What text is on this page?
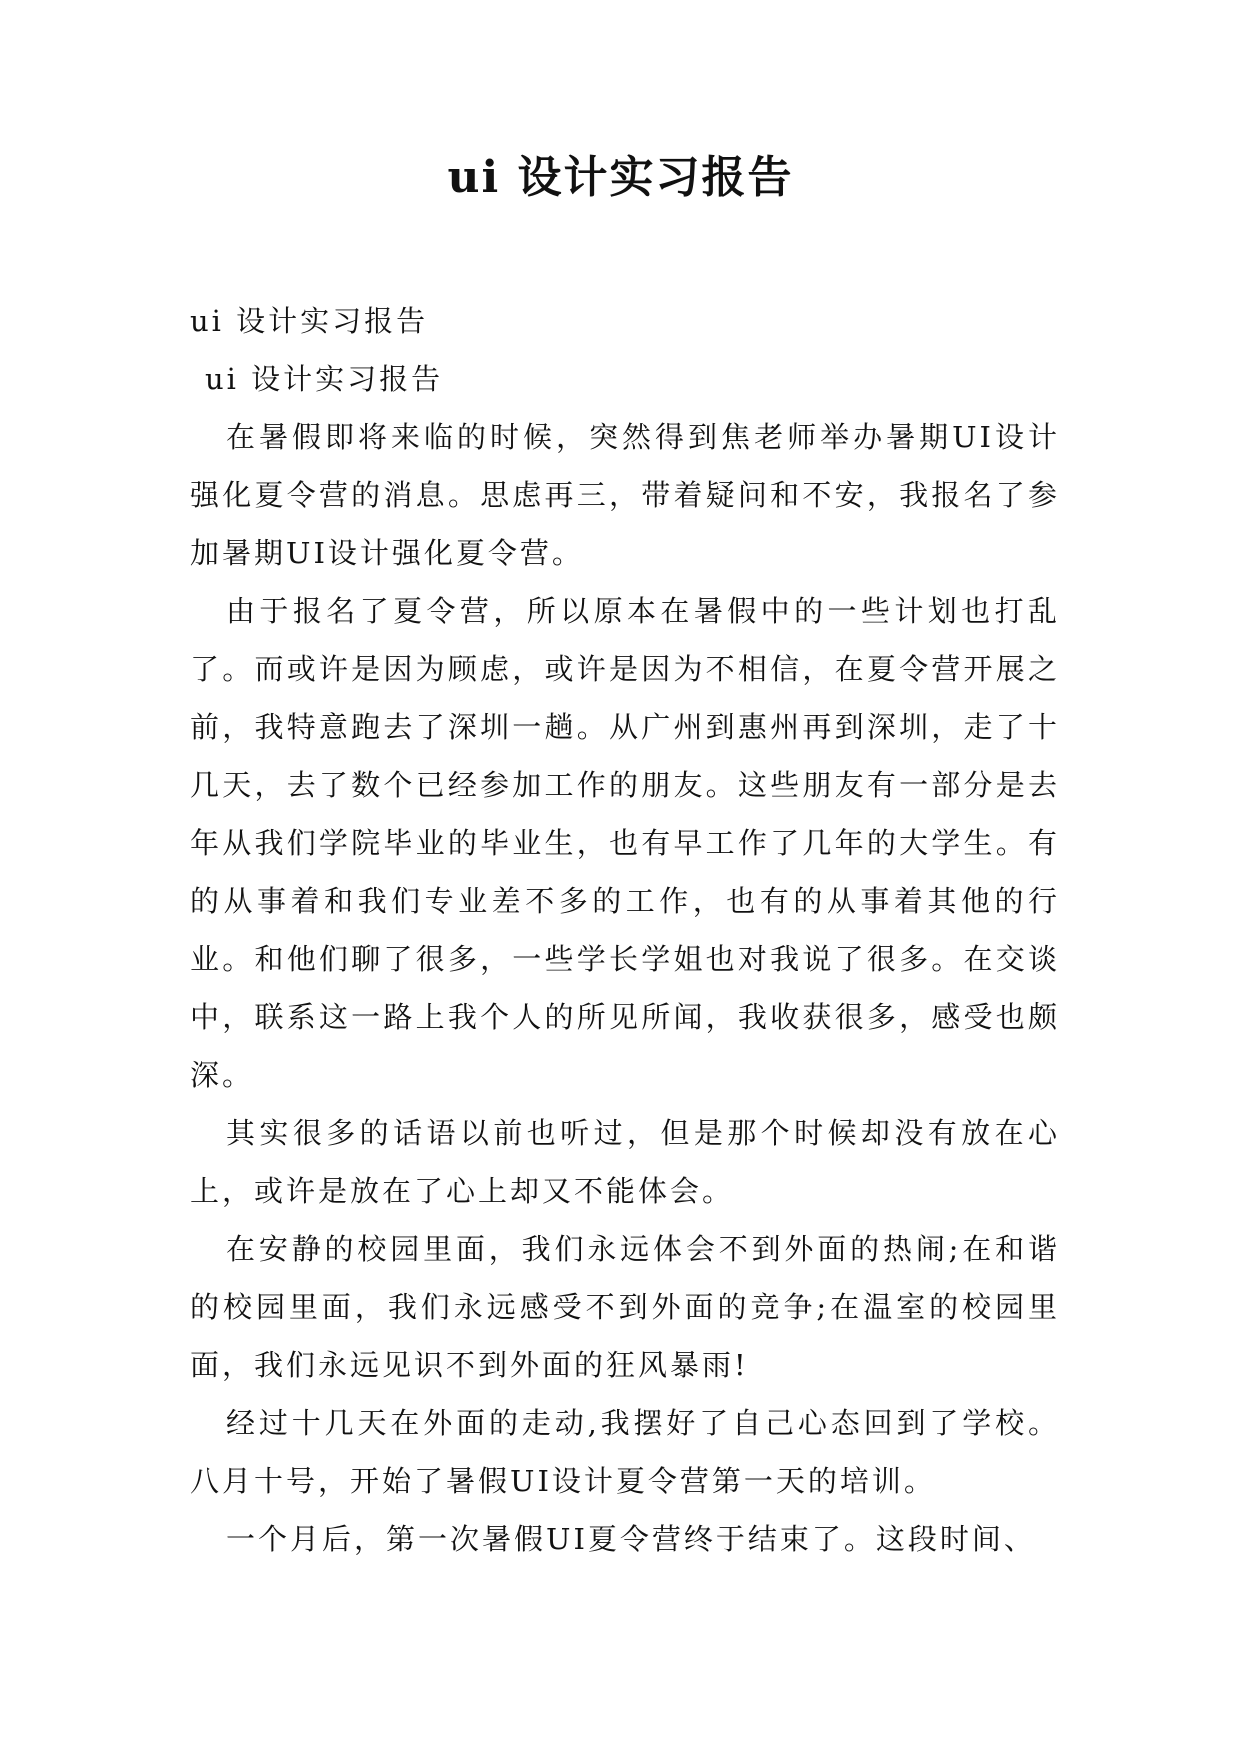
ui 设计实习报告

ui 设计实习报告

ui 设计实习报告

在暑假即将来临的时候，突然得到焦老师举办暑期UI设计强化夏令营的消息。思虑再三，带着疑问和不安，我报名了参加暑期UI设计强化夏令营。

由于报名了夏令营，所以原本在暑假中的一些计划也打乱了。而或许是因为顾虑，或许是因为不相信，在夏令营开展之前，我特意跑去了深圳一趟。从广州到惠州再到深圳，走了十几天，去了数个已经参加工作的朋友。这些朋友有一部分是去年从我们学院毕业的毕业生，也有早工作了几年的大学生。有的从事着和我们专业差不多的工作，也有的从事着其他的行业。和他们聊了很多，一些学长学姐也对我说了很多。在交谈中，联系这一路上我个人的所见所闻，我收获很多，感受也颇深。

其实很多的话语以前也听过，但是那个时候却没有放在心上，或许是放在了心上却又不能体会。

在安静的校园里面，我们永远体会不到外面的热闹;在和谐的校园里面，我们永远感受不到外面的竞争;在温室的校园里面，我们永远见识不到外面的狂风暴雨!

经过十几天在外面的走动,我摆好了自己心态回到了学校。八月十号，开始了暑假UI设计夏令营第一天的培训。

一个月后，第一次暑假UI夏令营终于结束了。这段时间、
